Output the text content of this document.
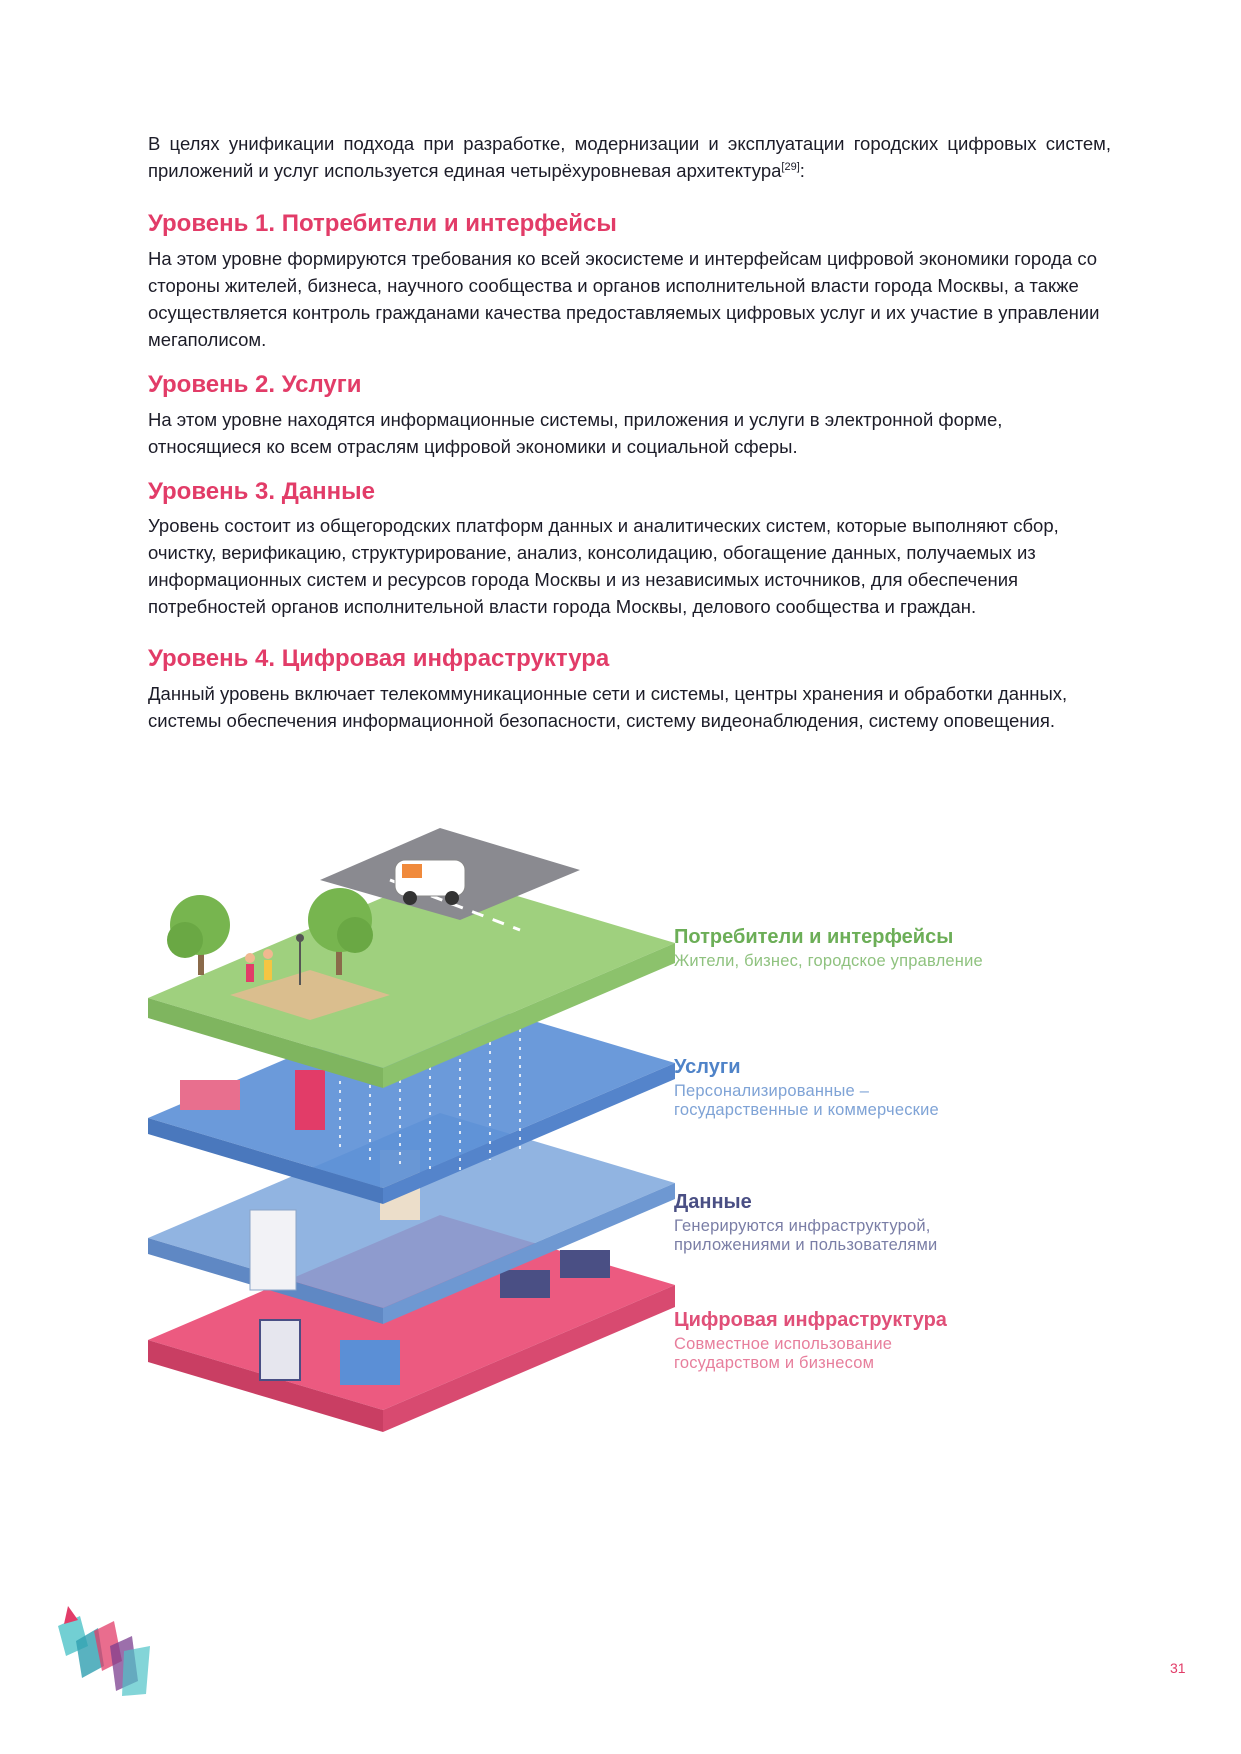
В целях унификации подхода при разработке, модернизации и эксплуатации городских цифровых систем, приложений и услуг используется единая четырёхуровневая архитектура[29]:
Уровень 1. Потребители и интерфейсы

На этом уровне формируются требования ко всей экосистеме и интерфейсам цифровой экономики города со стороны жителей, бизнеса, научного сообщества и органов исполнительной власти города Москвы, а также осуществляется контроль гражданами качества предоставляемых цифровых услуг и их участие в управлении мегаполисом.

Уровень 2. Услуги

На этом уровне находятся информационные системы, приложения и услуги в электронной форме, относящиеся ко всем отраслям цифровой экономики и социальной сферы.

Уровень 3. Данные

Уровень состоит из общегородских платформ данных и аналитических систем, которые выполняют сбор, очистку, верификацию, структурирование, анализ, консолидацию, обогащение данных, получаемых из информационных систем и ресурсов города Москвы и из независимых источников, для обеспечения потребностей органов исполнительной власти города Москвы, делового сообщества и граждан.

Уровень 4. Цифровая инфраструктура

Данный уровень включает телекоммуникационные сети и системы, центры хранения и обработки данных, системы обеспечения информационной безопасности, систему видеонаблюдения, систему оповещения.

Потребители и интерфейсы
Жители, бизнес, городское управление
Услуги
Персонализированные –
государственные и коммерческие
Данные
Генерируются инфраструктурой,
приложениями и пользователями
Цифровая инфраструктура
Совместное использование
государством и бизнесом
31
